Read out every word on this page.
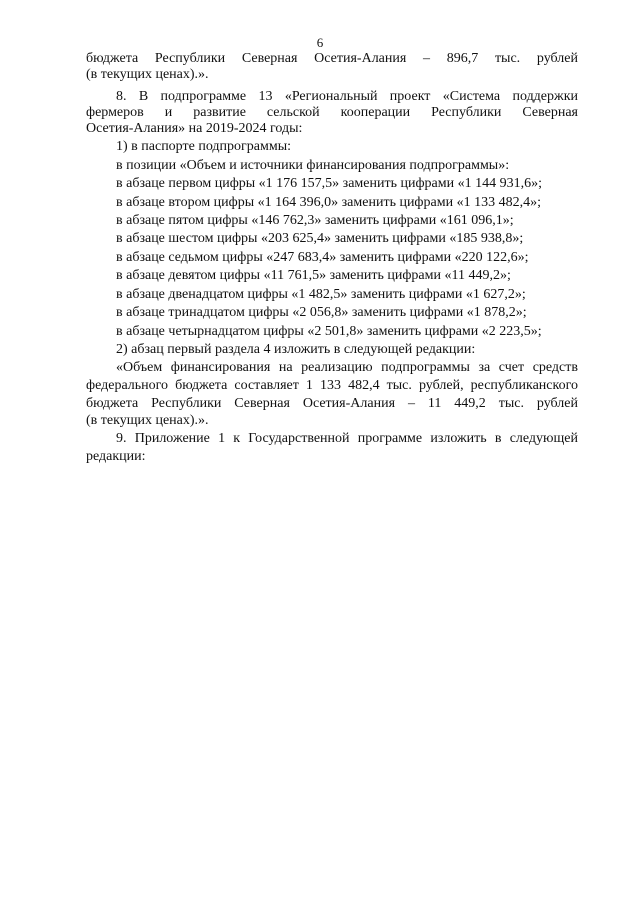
6
бюджета Республики Северная Осетия-Алания – 896,7 тыс. рублей
(в текущих ценах).».
8. В подпрограмме 13 «Региональный проект «Система поддержки
фермеров и развитие сельской кооперации Республики Северная
Осетия-Алания» на 2019-2024 годы:
1) в паспорте подпрограммы:
в позиции «Объем и источники финансирования подпрограммы»:
в абзаце первом цифры «1 176 157,5» заменить цифрами «1 144 931,6»;
в абзаце втором цифры «1 164 396,0» заменить цифрами «1 133 482,4»;
в абзаце пятом цифры «146 762,3» заменить цифрами «161 096,1»;
в абзаце шестом цифры «203 625,4» заменить цифрами «185 938,8»;
в абзаце седьмом цифры «247 683,4» заменить цифрами «220 122,6»;
в абзаце девятом цифры «11 761,5» заменить цифрами «11 449,2»;
в абзаце двенадцатом цифры «1 482,5» заменить цифрами «1 627,2»;
в абзаце тринадцатом цифры «2 056,8» заменить цифрами «1 878,2»;
в абзаце четырнадцатом цифры «2 501,8» заменить цифрами «2 223,5»;
2) абзац первый раздела 4 изложить в следующей редакции:
«Объем финансирования на реализацию подпрограммы за счет средств
федерального бюджета составляет 1 133 482,4 тыс. рублей, республиканского
бюджета Республики Северная Осетия-Алания – 11 449,2 тыс. рублей
(в текущих ценах).».
9. Приложение 1 к Государственной программе изложить в следующей
редакции:
